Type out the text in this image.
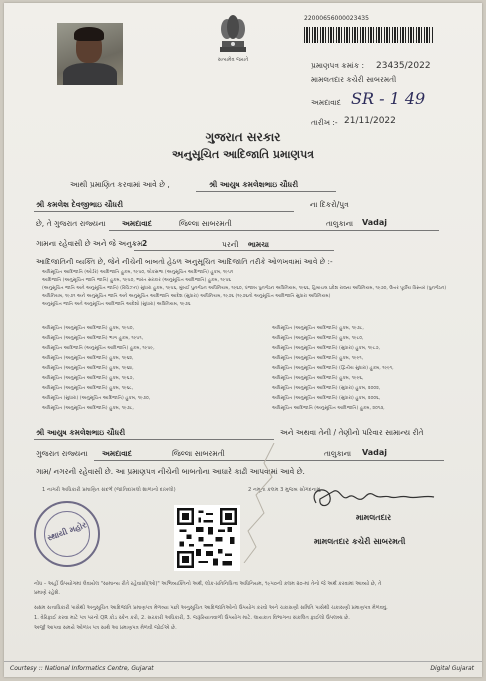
સત્યમેવ જયતે
22000656000023435
પ્રમાણપત્ર ક્રમાંક : 23435/2022
મામલતદાર કચેરી સાબરમતી
અમદાવાદ SR - 1 49
તારીખ :- 21/11/2022
ગુજરાત સરકાર
અનુસૂચિત આદિજાતિ પ્રમાણપત્ર
આથી પ્રમાણિત કરવામાં આવે છે ,	શ્રી આયુષ કમલેશભાઇ ચૌધરી
શ્રી કમલેશ દેવજીભાઇ ચૌધરી	ના દિકરો/પુત્ર
છે, તે ગુજરાત રાજ્યના અમદાવાદ	જિલ્લા સાબરમતી	તાલુકાના Vadaj
ગામના રહેવાસી છે અને જે અનુક્રમ 2	પરની ભામચા
આદિજાતિની વ્યક્તિ છે, જેને નીચેની બાબતો હેઠળ અનુસૂચિત આદિજાતિ તરીકે ઓળખવામાં આવે છે :-
અધિસૂચિત આદિજાતિ (ઓર્ડર) આદિજાતિ હુકમ, ૧૯૫૦, લોકસભા (અનુસૂચિત આદિજાતિ) હુકમ, ૧૯૫૧
આદિજાતિ (અનુસૂચિત જાતિ જાતિ) હુકમ, ૧૯૫૦, ભારત સરકાર (અનુસૂચિત આદિજાતિ) હુકમ, ૧૯૫૬
(અનુસૂચિત જાતિ અને અનુસૂચિત જાતિ) (રિવિઝન) સુધારા હુકમ, ૧૯૫૬, મુંબઈ પુનર્ગઠન અધિનિયમ, ૧૯૬૦, પંજાબ પુનર્ગઠન અધિનિયમ, ૧૯૬૬, હિમાચલ પ્રદેશ રાજ્ય અધિનિયમ, ૧૯૭૦, ઉત્તર પૂર્વીય વિસ્તાર (પુનર્ગઠન)
અધિનિયમ, ૧૯૭૧ અને અનુસૂચિત જાતિ અને અનુસૂચિત આદિજાતિ આદેશ (સુધારા) અધિનિયમ, ૧૯૭૬ (૧૯૭૬નો અનુસૂચિત આદિજાતિ સુધારા અધિનિયમ)
અનુસૂચિત જાતિ અને અનુસૂચિત આદિજાતિ આદેશો (સુધારા) અધિનિયમ, ૧૯૭૬
અધિસૂચિત (અનુસૂચિત આદિજાતિ) હુકમ, ૧૯૫૦,
અધિસૂચિત (અનુસૂચિત આદિજાતિ) ભાગ હુકમ, ૧૯૫૧,
અધિસૂચિત આદિજાતિ (અનુસૂચિત આદિજાતિ) હુકમ, ૧૯૫૯,
અધિસૂચિત (અનુસૂચિત આદિજાતિ) હુકમ, ૧૯૬૨,
અધિસૂચિત (અનુસૂચિત આદિજાતિ) હુકમ, ૧૯૬૪,
અધિસૂચિત (અનુસૂચિત આદિજાતિ) હુકમ, ૧૯૬૭,
અધિસૂચિત (અનુસૂચિત આદિજાતિ) હુકમ, ૧૯૬૮,
અધિસૂચિત (સુધારા) (અનુસૂચિત આદિજાતિ) હુકમ, ૧૯૭૦,
અધિસૂચિત (અનુસૂચિત આદિજાતિ) હુકમ, ૧૯૭૮,
અધિસૂચિત (અનુસૂચિત આદિજાતિ) હુકમ, ૧૯૭૮,
અધિસૂચિત (અનુસૂચિત આદિજાતિ) હુકમ, ૧૯૮૦,
અધિસૂચિત (અનુસૂચિત આદિજાતિ) (સુધારા) હુકમ, ૧૯૮૭,
અધિસૂચિત (અનુસૂચિત આદિજાતિ) હુકમ, ૧૯૯૧,
અધિસૂચિત (અનુસૂચિત આદિજાતિ) (દ્વિતીય સુધારા) હુકમ, ૧૯૯૧,
અધિસૂચિત (અનુસૂચિત આદિજાતિ) હુકમ, ૧૯૯૬,
અધિસૂચિત (અનુસૂચિત આદિજાતિ) (સુધારા) હુકમ, ૨૦૦૨,
અધિસૂચિત (અનુસૂચિત આદિજાતિ) (સુધારા) હુકમ, ૨૦૦૬,
અધિસૂચિત આદિજાતિ (અનુસૂચિત આદિજાતિ) હુકમ, ૨૦૧૩,
શ્રી આયુષ કમલેશભાઇ ચૌધરી	અને અથવા તેની / તેણીનો પરિવાર સામાન્ય રીતે
ગુજરાત રાજ્યના અમદાવાદ	જિલ્લા સાબરમતી	તાલુકાના Vadaj
ગામ/ નગરની રહેવાસી છે. આ પ્રમાણપત્ર નીચેની બાબતોના આધારે કાઢી આપવામાં આવે છે.
1 નાગરી અધિકારી પ્રમાણિત સંદર્ભ (જાતિદાખલો શાળાનો દાખલો)	2 નમૂના કલમ 3 મુજબ સોગંદનામું
સ્થાયી મહોર
મામલતદાર
મામલતદાર કચેરી સાબરમતી
નોંધ – અહીં ઉપયોગમાં લેવાયેલ "સામાન્ય રીતે રહેવાસી(ઓ)" અભિવ્યક્તિનો અર્થ, લોક-પ્રતિનિધિત્વ અધિનિયમ, ૧૯૫૦ની કલમ ૨૦-માં તેનો જે અર્થ કરવામાં આવ્યો છે, તે
પ્રમાણે રહેશે.
સક્ષમ સત્તાધિકારી પાસેથી અનુસૂચિત આદિજાતિ પ્રમાણપત્ર મેળવ્યા પછી અનુસૂચિત આદિજાતિઓનો ઉપયોગ કરવો અને ચકાસણી સમિતિ પાસેથી ચકાસણી પ્રમાણપત્ર મેળવવું.
1. વેરિફાઈ કરવા માટે પત્ર પરનો QR કોડ સ્કેન કરો, 2. સરકારી અધિકારી, 3. જરૂરિયાતવાળી ઉપયોગ માટે. લાયકાત વિભાગના સંકલિત ફાઈલો ઉપલબ્ધ છે.
અર્જી આપવા સમયે ઓળખ પત્ર સાથે આ પ્રમાણપત્ર મેળવી જોઈએ છે.
Courtesy :: National Informatics Centre, Gujarat	Digital Gujarat
